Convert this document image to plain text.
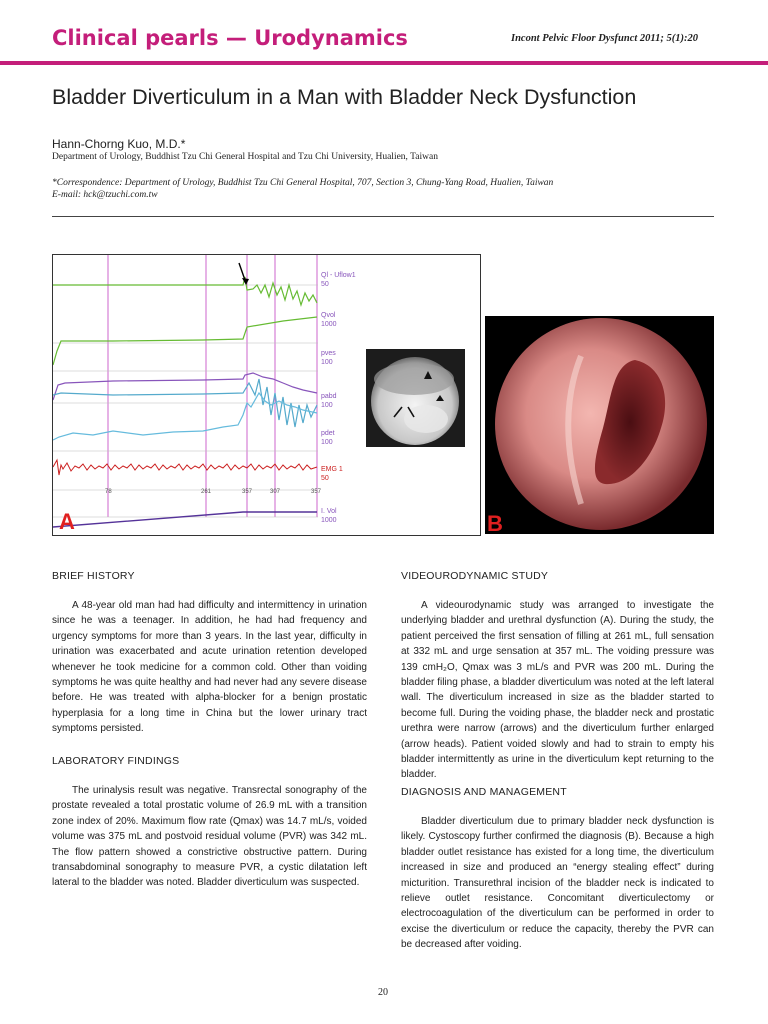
Clinical pearls — Urodynamics	Incont Pelvic Floor Dysfunct 2011; 5(1):20
Bladder Diverticulum in a Man with Bladder Neck Dysfunction
Hann-Chorng Kuo, M.D.*
Department of Urology, Buddhist Tzu Chi General Hospital and Tzu Chi University, Hualien, Taiwan
*Correspondence: Department of Urology, Buddhist Tzu Chi General Hospital, 707, Section 3, Chung-Yang Road, Hualien, Taiwan
E-mail: hck@tzuchi.com.tw
Ql - Uflow1
50
Qvol
1000
pves
100
pabd
100
pdet
100
EMG 1
50
I. Vol
1000
78	261	357	307	357
A	B
BRIEF HISTORY

A 48-year old man had had difficulty and intermittency in urination since he was a teenager. In addition, he had had frequency and urgency symptoms for more than 3 years. In the last year, difficulty in urination was exacerbated and acute urination retention developed whenever he took medicine for a common cold. Other than voiding symptoms he was quite healthy and had never had any severe disease before. He was treated with alpha-blocker for a benign prostatic hyperplasia for a long time in China but the lower urinary tract symptoms persisted.

LABORATORY FINDINGS

The urinalysis result was negative. Transrectal sonography of the prostate revealed a total prostatic volume of 26.9 mL with a transition zone index of 20%. Maximum flow rate (Qmax) was 14.7 mL/s, voided volume was 375 mL and postvoid residual volume (PVR) was 342 mL. The flow pattern showed a constrictive obstructive pattern. During transabdominal sonography to measure PVR, a cystic dilatation left lateral to the bladder was noted. Bladder diverticulum was suspected.

VIDEOURODYNAMIC STUDY

A videourodynamic study was arranged to investigate the underlying bladder and urethral dysfunction (A). During the study, the patient perceived the first sensation of filling at 261 mL, full sensation at 332 mL and urge sensation at 357 mL. The voiding pressure was 139 cmH₂O, Qmax was 3 mL/s and PVR was 200 mL. During the bladder filing phase, a bladder diverticulum was noted at the left lateral wall. The diverticulum increased in size as the bladder started to become full. During the voiding phase, the bladder neck and prostatic urethra were narrow (arrows) and the diverticulum further enlarged (arrow heads). Patient voided slowly and had to strain to empty his bladder intermittently as urine in the diverticulum kept returning to the bladder.

DIAGNOSIS AND MANAGEMENT

Bladder diverticulum due to primary bladder neck dysfunction is likely. Cystoscopy further confirmed the diagnosis (B). Because a high bladder outlet resistance has existed for a long time, the diverticulum increased in size and produced an “energy stealing effect” during micturition. Transurethral incision of the bladder neck is indicated to relieve outlet resistance. Concomitant diverticulectomy or electrocoagulation of the diverticulum can be performed in order to excise the diverticulum or reduce the capacity, thereby the PVR can be decreased after voiding.

20
